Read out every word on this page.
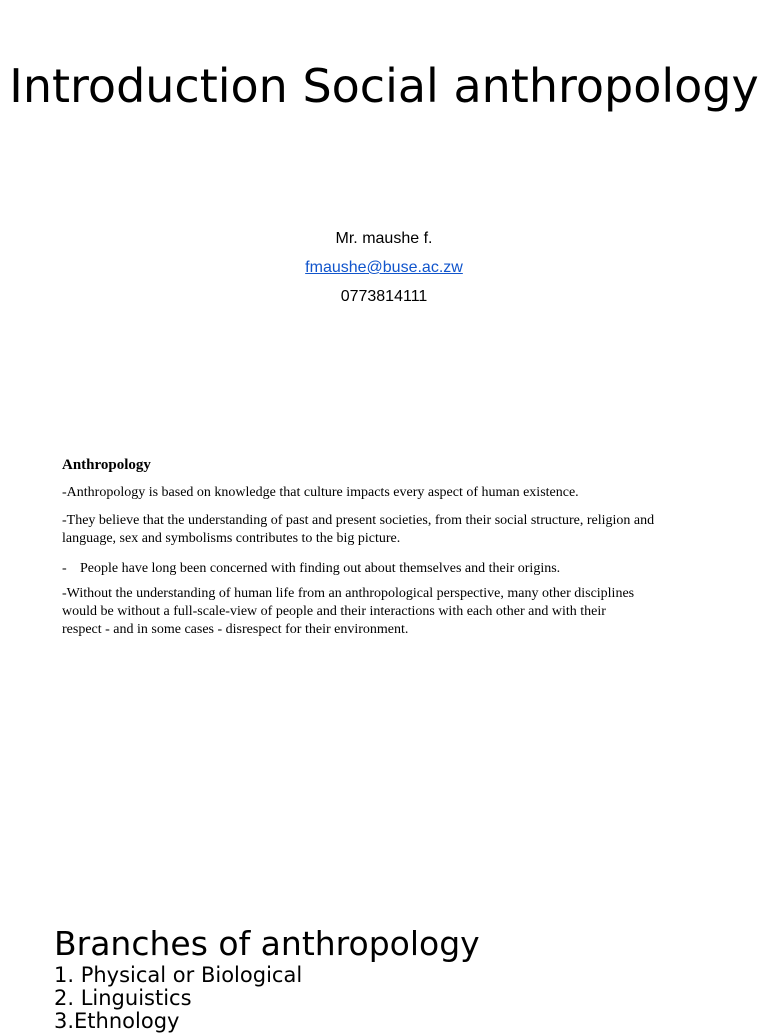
Introduction Social anthropology
Mr. maushe f.
fmaushe@buse.ac.zw
0773814111
Anthropology
-Anthropology is based on knowledge that culture impacts every aspect of human existence.
-They believe that the understanding of past and present societies, from their social structure, religion and language, sex and symbolisms contributes to the big picture.
- People have long been concerned with finding out about themselves and their origins.
-Without the understanding of human life from an anthropological perspective, many other disciplines would be without a full-scale-view of people and their interactions with each other and with their respect - and in some cases - disrespect for their environment.
Branches of anthropology
1. Physical or Biological
2. Linguistics
3.Ethnology
